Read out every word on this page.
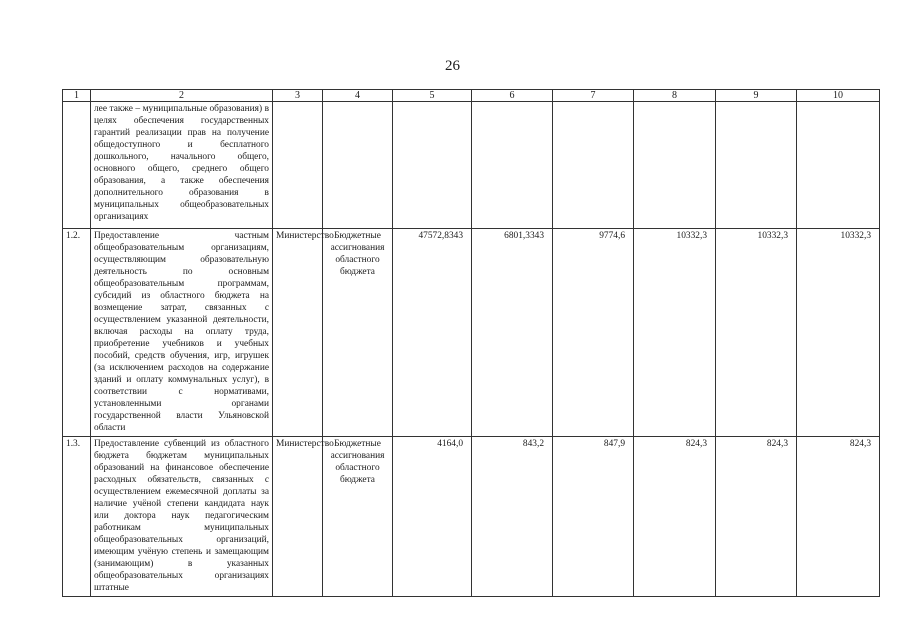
26
1	2	3	4	5	6	7	8	9	10
	лее также – муниципальные образования) в целях обеспечения государственных гарантий реализации прав на получение общедоступного и бесплатного дошкольного, начального общего, основного общего, среднего общего образования, а также обеспечения дополнительного образования в муниципальных общеобразовательных организациях								
1.2.	Предоставление частным общеобразовательным организациям, осуществляющим образовательную деятельность по основным общеобразовательным программам, субсидий из областного бюджета на возмещение затрат, связанных с осуществлением указанной деятельности, включая расходы на оплату труда, приобретение учебников и учебных пособий, средств обучения, игр, игрушек (за исключением расходов на содержание зданий и оплату коммунальных услуг), в соответствии с нормативами, установленными органами государственной власти Ульяновской области	Министерство	Бюджетные ассигнования областного бюджета	47572,8343	6801,3343	9774,6	10332,3	10332,3	10332,3
1.3.	Предоставление субвенций из областного бюджета бюджетам муниципальных образований на финансовое обеспечение расходных обязательств, связанных с осуществлением ежемесячной доплаты за наличие учёной степени кандидата наук или доктора наук педагогическим работникам муниципальных общеобразовательных организаций, имеющим учёную степень и замещающим (занимающим) в указанных общеобразовательных организациях штатные	Министерство	Бюджетные ассигнования областного бюджета	4164,0	843,2	847,9	824,3	824,3	824,3
